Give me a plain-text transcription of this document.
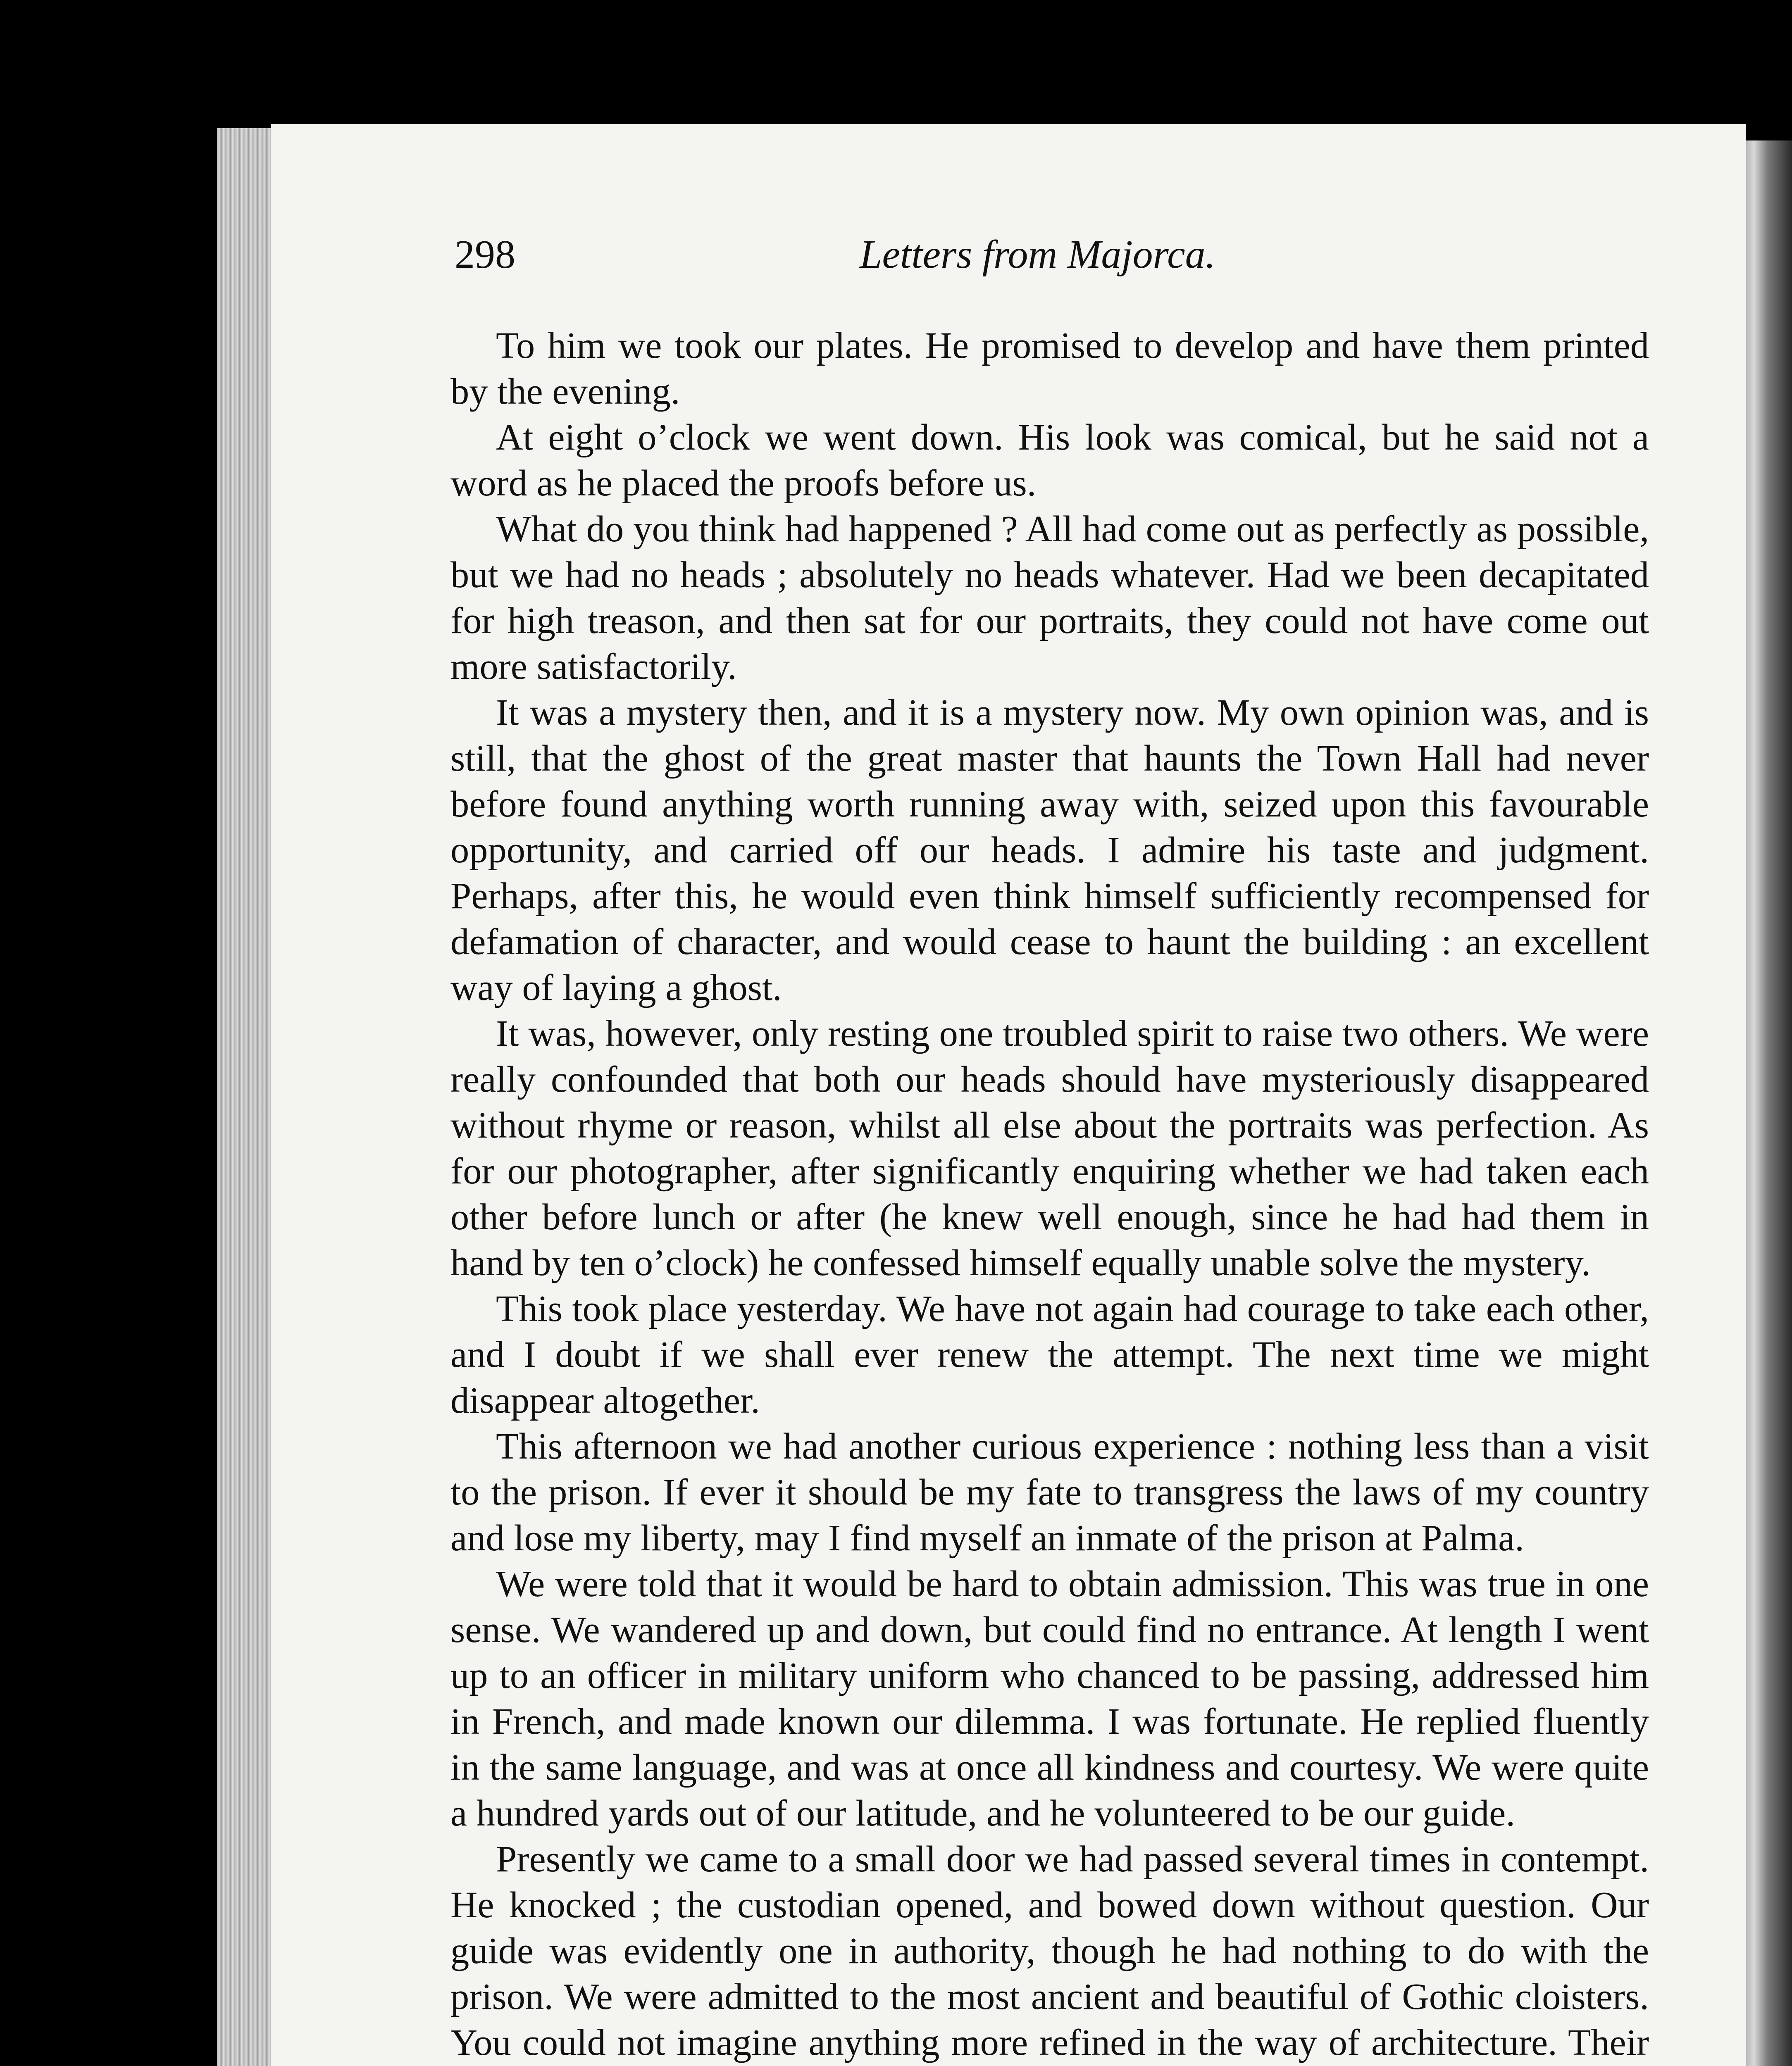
298	Letters from Majorca.

To him we took our plates. He promised to develop and have them printed by the evening.

At eight o’clock we went down. His look was comical, but he said not a word as he placed the proofs before us.

What do you think had happened ? All had come out as perfectly as possible, but we had no heads ; absolutely no heads whatever. Had we been decapitated for high treason, and then sat for our portraits, they could not have come out more satisfactorily.

It was a mystery then, and it is a mystery now. My own opinion was, and is still, that the ghost of the great master that haunts the Town Hall had never before found anything worth running away with, seized upon this favourable opportunity, and carried off our heads. I admire his taste and judgment. Perhaps, after this, he would even think himself sufficiently recompensed for defamation of character, and would cease to haunt the building : an excellent way of laying a ghost.

It was, however, only resting one troubled spirit to raise two others. We were really confounded that both our heads should have mysteriously disappeared without rhyme or reason, whilst all else about the portraits was perfection. As for our photographer, after significantly enquiring whether we had taken each other before lunch or after (he knew well enough, since he had had them in hand by ten o’clock) he confessed himself equally unable solve the mystery.

This took place yesterday. We have not again had courage to take each other, and I doubt if we shall ever renew the attempt. The next time we might disappear altogether.

This afternoon we had another curious experience : nothing less than a visit to the prison. If ever it should be my fate to transgress the laws of my country and lose my liberty, may I find myself an inmate of the prison at Palma.

We were told that it would be hard to obtain admission. This was true in one sense. We wandered up and down, but could find no entrance. At length I went up to an officer in military uniform who chanced to be passing, addressed him in French, and made known our dilemma. I was fortunate. He replied fluently in the same language, and was at once all kindness and courtesy. We were quite a hundred yards out of our latitude, and he volunteered to be our guide.

Presently we came to a small door we had passed several times in contempt. He knocked ; the custodian opened, and bowed down without question. Our guide was evidently one in authority, though he had nothing to do with the prison. We were admitted to the most ancient and beautiful of Gothic cloisters. You could not imagine anything more refined in the way of architecture. Their
